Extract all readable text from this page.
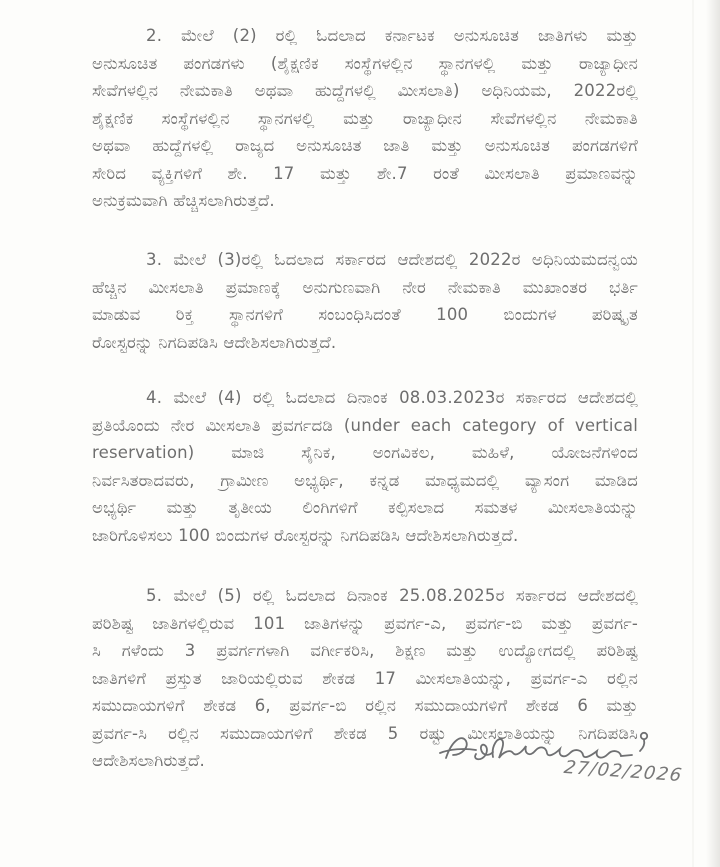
2. ಮೇಲೆ (2) ರಲ್ಲಿ ಓದಲಾದ ಕರ್ನಾಟಕ ಅನುಸೂಚಿತ ಜಾತಿಗಳು ಮತ್ತು
ಅನುಸೂಚಿತ ಪಂಗಡಗಳು (ಶೈಕ್ಷಣಿಕ ಸಂಸ್ಥೆಗಳಲ್ಲಿನ ಸ್ಥಾನಗಳಲ್ಲಿ ಮತ್ತು ರಾಜ್ಯಾಧೀನ
ಸೇವೆಗಳಲ್ಲಿನ ನೇಮಕಾತಿ ಅಥವಾ ಹುದ್ದೆಗಳಲ್ಲಿ ಮೀಸಲಾತಿ) ಅಧಿನಿಯಮ, 2022ರಲ್ಲಿ
ಶೈಕ್ಷಣಿಕ ಸಂಸ್ಥೆಗಳಲ್ಲಿನ ಸ್ಥಾನಗಳಲ್ಲಿ ಮತ್ತು ರಾಜ್ಯಾಧೀನ ಸೇವೆಗಳಲ್ಲಿನ ನೇಮಕಾತಿ
ಅಥವಾ ಹುದ್ದೆಗಳಲ್ಲಿ ರಾಜ್ಯದ ಅನುಸೂಚಿತ ಜಾತಿ ಮತ್ತು ಅನುಸೂಚಿತ ಪಂಗಡಗಳಿಗೆ
ಸೇರಿದ ವ್ಯಕ್ತಿಗಳಿಗೆ ಶೇ. 17 ಮತ್ತು ಶೇ.7 ರಂತೆ ಮೀಸಲಾತಿ ಪ್ರಮಾಣವನ್ನು
ಅನುಕ್ರಮವಾಗಿ ಹೆಚ್ಚಿಸಲಾಗಿರುತ್ತದೆ.
3. ಮೇಲೆ (3)ರಲ್ಲಿ ಓದಲಾದ ಸರ್ಕಾರದ ಆದೇಶದಲ್ಲಿ 2022ರ ಅಧಿನಿಯಮದನ್ವಯ
ಹೆಚ್ಚಿನ ಮೀಸಲಾತಿ ಪ್ರಮಾಣಕ್ಕೆ ಅನುಗುಣವಾಗಿ ನೇರ ನೇಮಕಾತಿ ಮುಖಾಂತರ ಭರ್ತಿ
ಮಾಡುವ ರಿಕ್ತ ಸ್ಥಾನಗಳಿಗೆ ಸಂಬಂಧಿಸಿದಂತೆ 100 ಬಿಂದುಗಳ ಪರಿಷ್ಕೃತ
ರೋಸ್ಟರನ್ನು ನಿಗದಿಪಡಿಸಿ ಆದೇಶಿಸಲಾಗಿರುತ್ತದೆ.
4. ಮೇಲೆ (4) ರಲ್ಲಿ ಓದಲಾದ ದಿನಾಂಕ 08.03.2023ರ ಸರ್ಕಾರದ ಆದೇಶದಲ್ಲಿ
ಪ್ರತಿಯೊಂದು ನೇರ ಮೀಸಲಾತಿ ಪ್ರವರ್ಗದಡಿ (under each category of vertical
reservation) ಮಾಜಿ ಸೈನಿಕ, ಅಂಗವಿಕಲ, ಮಹಿಳೆ, ಯೋಜನೆಗಳಿಂದ
ನಿರ್ವಸಿತರಾದವರು, ಗ್ರಾಮೀಣ ಅಭ್ಯರ್ಥಿ, ಕನ್ನಡ ಮಾಧ್ಯಮದಲ್ಲಿ ವ್ಯಾಸಂಗ ಮಾಡಿದ
ಅಭ್ಯರ್ಥಿ ಮತ್ತು ತೃತೀಯ ಲಿಂಗಿಗಳಿಗೆ ಕಲ್ಪಿಸಲಾದ ಸಮತಳ ಮೀಸಲಾತಿಯನ್ನು
ಜಾರಿಗೊಳಿಸಲು 100 ಬಿಂದುಗಳ ರೋಸ್ಟರನ್ನು ನಿಗದಿಪಡಿಸಿ ಆದೇಶಿಸಲಾಗಿರುತ್ತದೆ.
5. ಮೇಲೆ (5) ರಲ್ಲಿ ಓದಲಾದ ದಿನಾಂಕ 25.08.2025ರ ಸರ್ಕಾರದ ಆದೇಶದಲ್ಲಿ
ಪರಿಶಿಷ್ಟ ಜಾತಿಗಳಲ್ಲಿರುವ 101 ಜಾತಿಗಳನ್ನು ಪ್ರವರ್ಗ-ಎ, ಪ್ರವರ್ಗ-ಬಿ ಮತ್ತು ಪ್ರವರ್ಗ-
ಸಿ ಗಳೆಂದು 3 ಪ್ರವರ್ಗಗಳಾಗಿ ವರ್ಗೀಕರಿಸಿ, ಶಿಕ್ಷಣ ಮತ್ತು ಉದ್ಯೋಗದಲ್ಲಿ ಪರಿಶಿಷ್ಟ
ಜಾತಿಗಳಿಗೆ ಪ್ರಸ್ತುತ ಜಾರಿಯಲ್ಲಿರುವ ಶೇಕಡ 17 ಮೀಸಲಾತಿಯನ್ನು, ಪ್ರವರ್ಗ-ಎ ರಲ್ಲಿನ
ಸಮುದಾಯಗಳಿಗೆ ಶೇಕಡ 6, ಪ್ರವರ್ಗ-ಬಿ ರಲ್ಲಿನ ಸಮುದಾಯಗಳಿಗೆ ಶೇಕಡ 6 ಮತ್ತು
ಪ್ರವರ್ಗ-ಸಿ ರಲ್ಲಿನ ಸಮುದಾಯಗಳಿಗೆ ಶೇಕಡ 5 ರಷ್ಟು ಮೀಸಲಾತಿಯನ್ನು ನಿಗದಿಪಡಿಸಿ
ಆದೇಶಿಸಲಾಗಿರುತ್ತದೆ.	27/02/2026
